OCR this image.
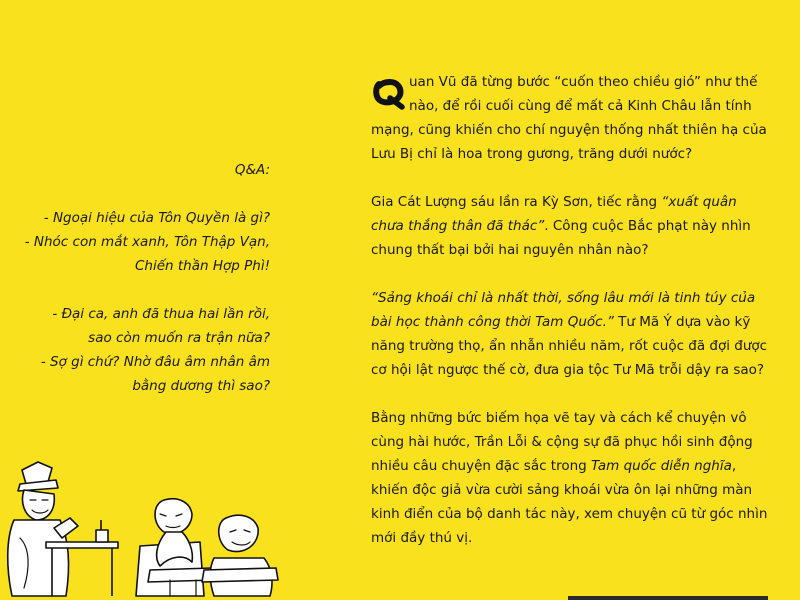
Q&A:
- Ngoại hiệu của Tôn Quyền là gì?
- Nhóc con mắt xanh, Tôn Thập Vạn,
Chiến thần Hợp Phì!
- Đại ca, anh đã thua hai lần rồi,
sao còn muốn ra trận nữa?
- Sợ gì chứ? Nhờ đâu âm nhân âm
bằng dương thì sao?

Q	uan Vũ đã từng bước “cuốn theo chiều gió” như thế nào, để rồi cuối cùng để mất cả Kinh Châu lẫn tính mạng, cũng khiến cho chí nguyện thống nhất thiên hạ của Lưu Bị chỉ là hoa trong gương, trăng dưới nước?

Gia Cát Lượng sáu lần ra Kỳ Sơn, tiếc rằng “xuất quân chưa thắng thân đã thác”. Công cuộc Bắc phạt này nhìn chung thất bại bởi hai nguyên nhân nào?

“Sảng khoái chỉ là nhất thời, sống lâu mới là tinh túy của bài học thành công thời Tam Quốc.” Tư Mã Ý dựa vào kỹ năng trường thọ, ẩn nhẫn nhiều năm, rốt cuộc đã đợi được cơ hội lật ngược thế cờ, đưa gia tộc Tư Mã trỗi dậy ra sao?

Bằng những bức biếm họa vẽ tay và cách kể chuyện vô cùng hài hước, Trần Lỗi & cộng sự đã phục hồi sinh động nhiều câu chuyện đặc sắc trong Tam quốc diễn nghĩa, khiến độc giả vừa cười sảng khoái vừa ôn lại những màn kinh điển của bộ danh tác này, xem chuyện cũ từ góc nhìn mới đầy thú vị.
